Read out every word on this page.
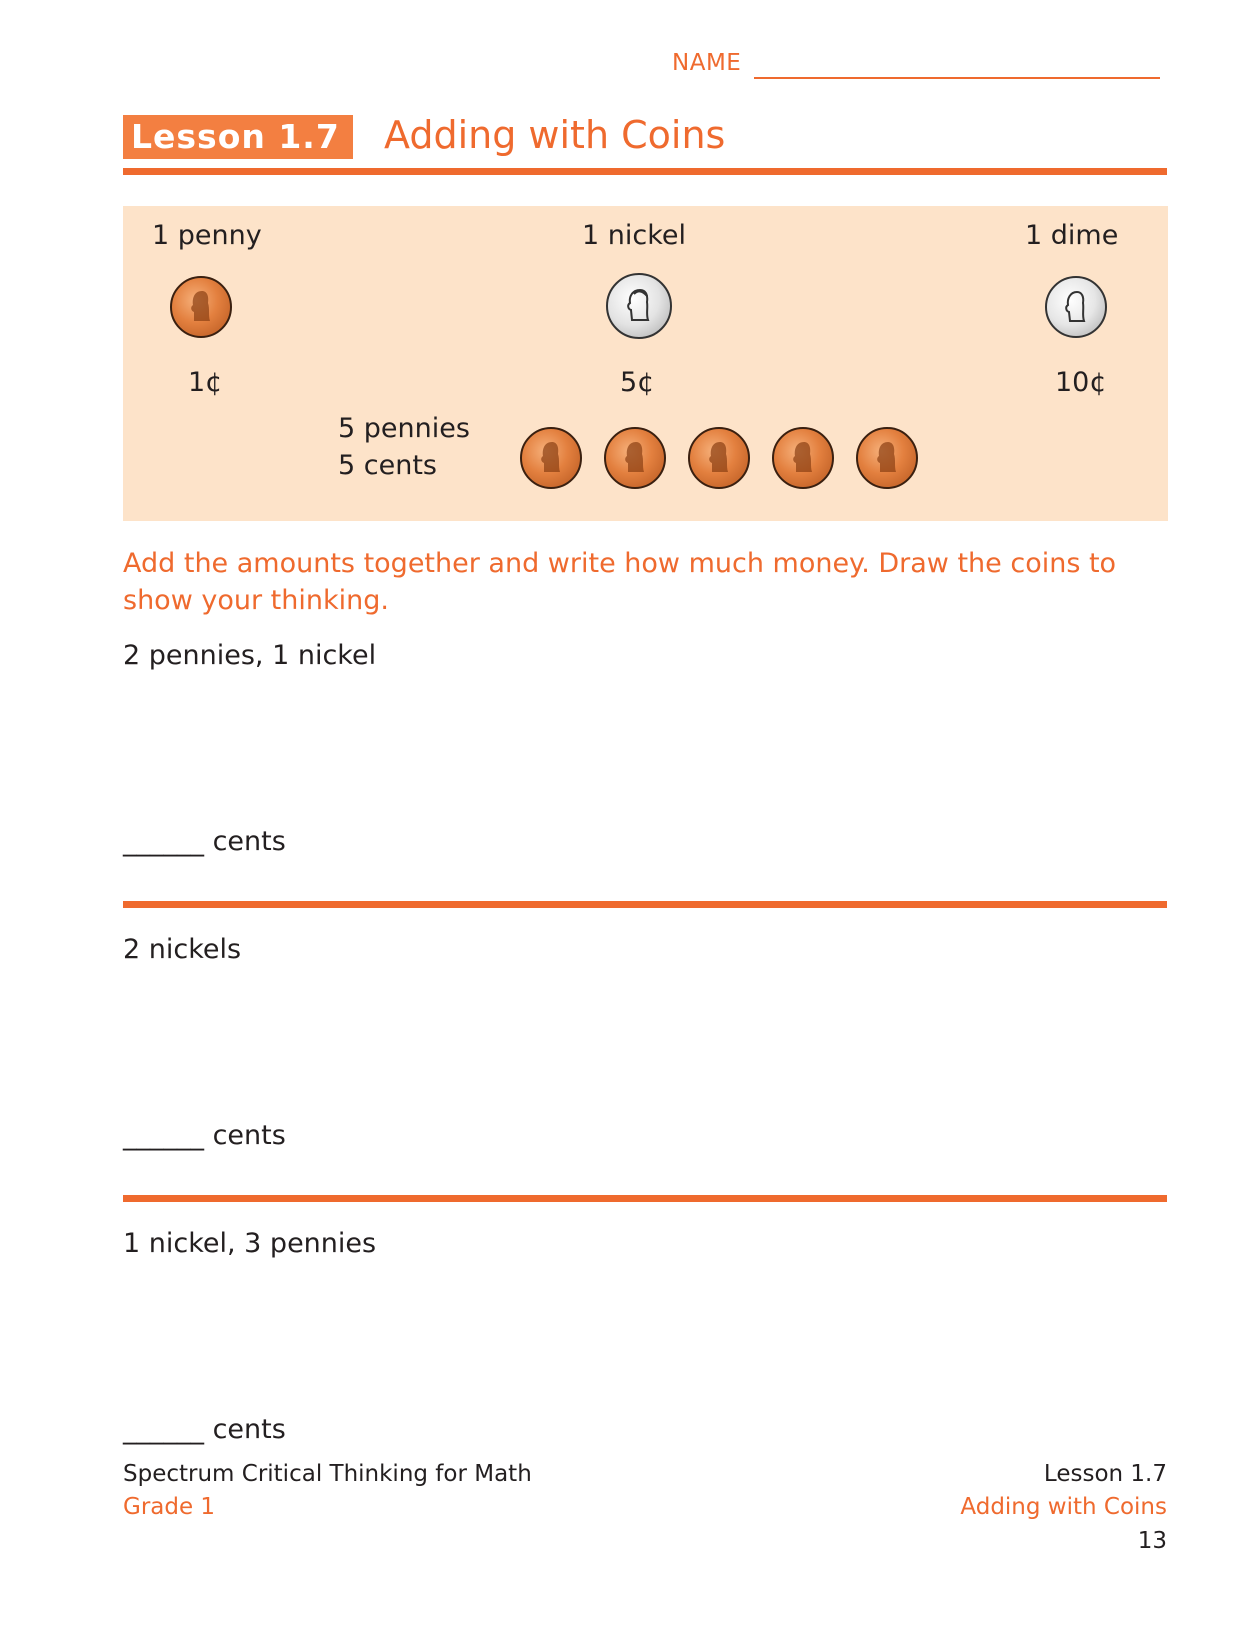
NAME
Lesson 1.7	Adding with Coins
1 penny	1 nickel	1 dime
1¢	5¢	10¢
5 pennies
5 cents
Add the amounts together and write how much money. Draw the coins to show your thinking.
2 pennies, 1 nickel
______ cents
2 nickels
______ cents
1 nickel, 3 pennies
______ cents
Spectrum Critical Thinking for Math
Grade 1
Lesson 1.7
Adding with Coins
13
